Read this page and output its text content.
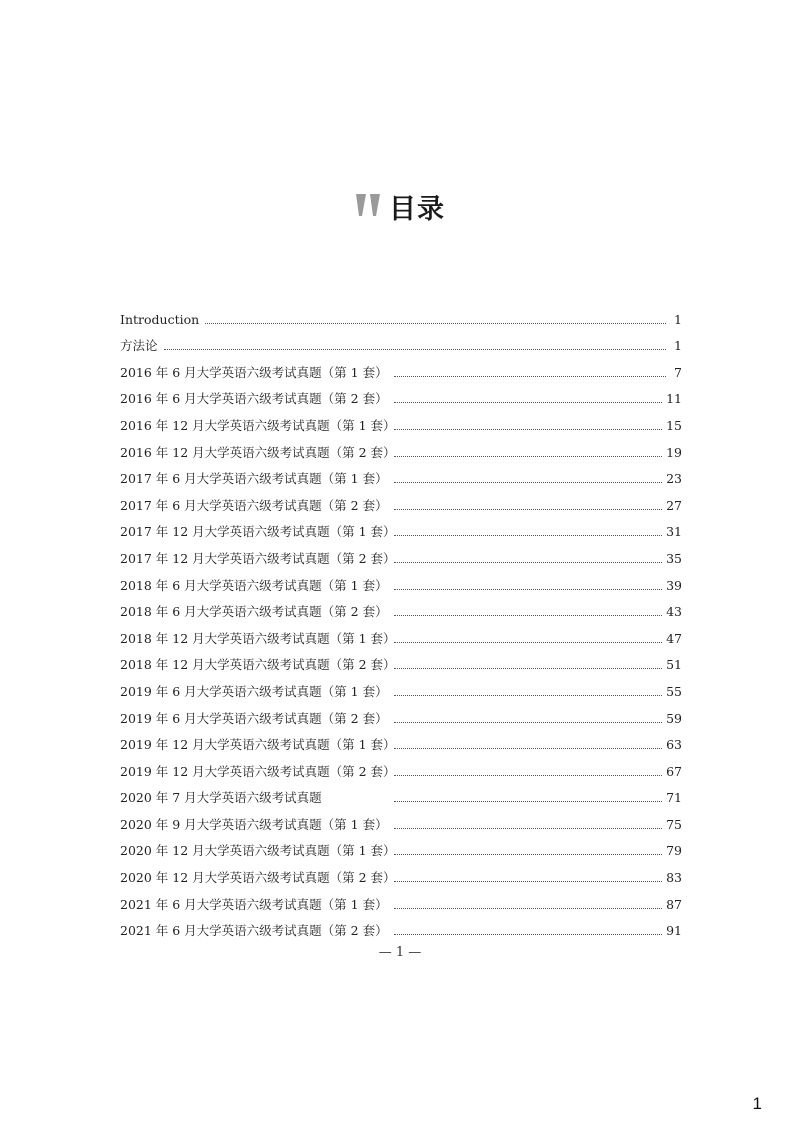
目录
Introduction	1
方法论	1
2016 年 6 月大学英语六级考试真题（第 1 套）	7
2016 年 6 月大学英语六级考试真题（第 2 套）	11
2016 年 12 月大学英语六级考试真题（第 1 套）	15
2016 年 12 月大学英语六级考试真题（第 2 套）	19
2017 年 6 月大学英语六级考试真题（第 1 套）	23
2017 年 6 月大学英语六级考试真题（第 2 套）	27
2017 年 12 月大学英语六级考试真题（第 1 套）	31
2017 年 12 月大学英语六级考试真题（第 2 套）	35
2018 年 6 月大学英语六级考试真题（第 1 套）	39
2018 年 6 月大学英语六级考试真题（第 2 套）	43
2018 年 12 月大学英语六级考试真题（第 1 套）	47
2018 年 12 月大学英语六级考试真题（第 2 套）	51
2019 年 6 月大学英语六级考试真题（第 1 套）	55
2019 年 6 月大学英语六级考试真题（第 2 套）	59
2019 年 12 月大学英语六级考试真题（第 1 套）	63
2019 年 12 月大学英语六级考试真题（第 2 套）	67
2020 年 7 月大学英语六级考试真题	71
2020 年 9 月大学英语六级考试真题（第 1 套）	75
2020 年 12 月大学英语六级考试真题（第 1 套）	79
2020 年 12 月大学英语六级考试真题（第 2 套）	83
2021 年 6 月大学英语六级考试真题（第 1 套）	87
2021 年 6 月大学英语六级考试真题（第 2 套）	91
— 1 —
1
